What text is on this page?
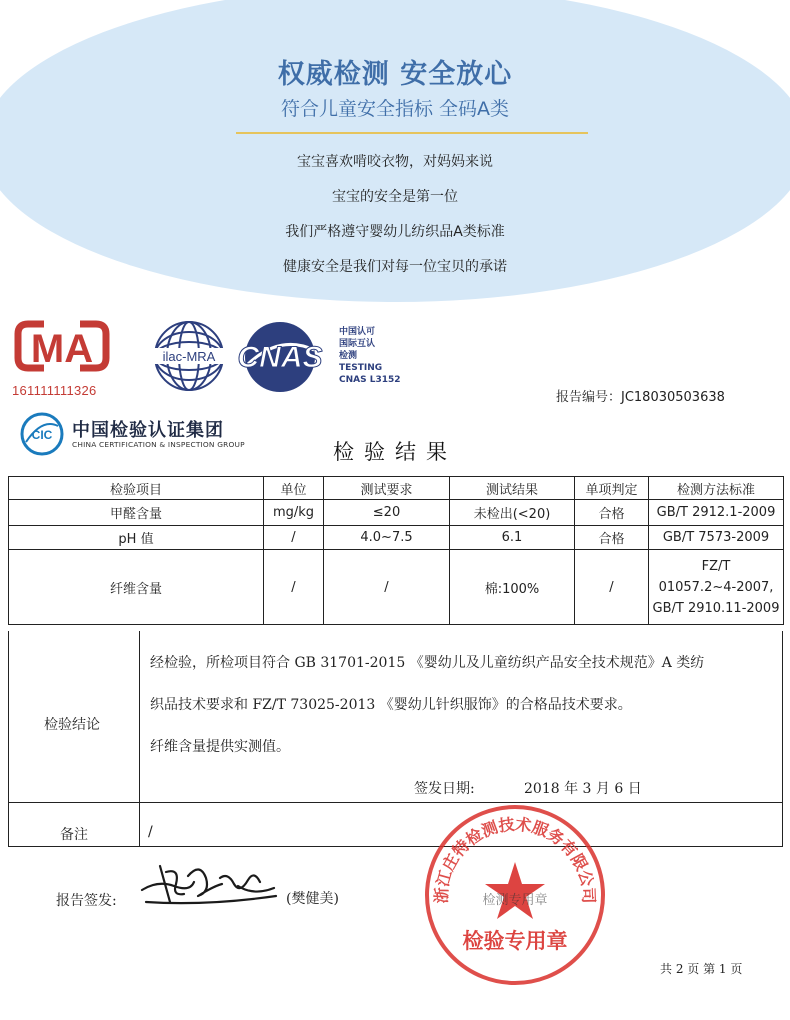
权威检测 安全放心
符合儿童安全指标 全码A类
宝宝喜欢啃咬衣物，对妈妈来说
宝宝的安全是第一位
我们严格遵守婴幼儿纺织品A类标准
健康安全是我们对每一位宝贝的承诺
MA
161111111326
ilac-MRA CNAS
中国认可
国际互认
检测
TESTING
CNAS L3152
报告编号：JC18030503638
CIC 中国检验认证集团
CHINA CERTIFICATION & INSPECTION GROUP	检验结果
检验项目	单位	测试要求	测试结果	单项判定	检测方法标准
甲醛含量	mg/kg	≤20	未检出(<20)	合格	GB/T 2912.1-2009
pH 值	/	4.0~7.5	6.1	合格	GB/T 7573-2009
纤维含量	/	/	棉:100%	/	FZ/T
01057.2~4-2007,
GB/T 2910.11-2009
检验结论
经检验，所检项目符合 GB 31701-2015 《婴幼儿及儿童纺织产品安全技术规范》A 类纺
织品技术要求和 FZ/T 73025-2013 《婴幼儿针织服饰》的合格品技术要求。
纤维含量提供实测值。
签发日期:	2018 年 3 月 6 日
备注	/
报告签发:	(樊健美)	浙江庄特检测技术服务有限公司
检测专用章
检验专用章
共 2 页 第 1 页
